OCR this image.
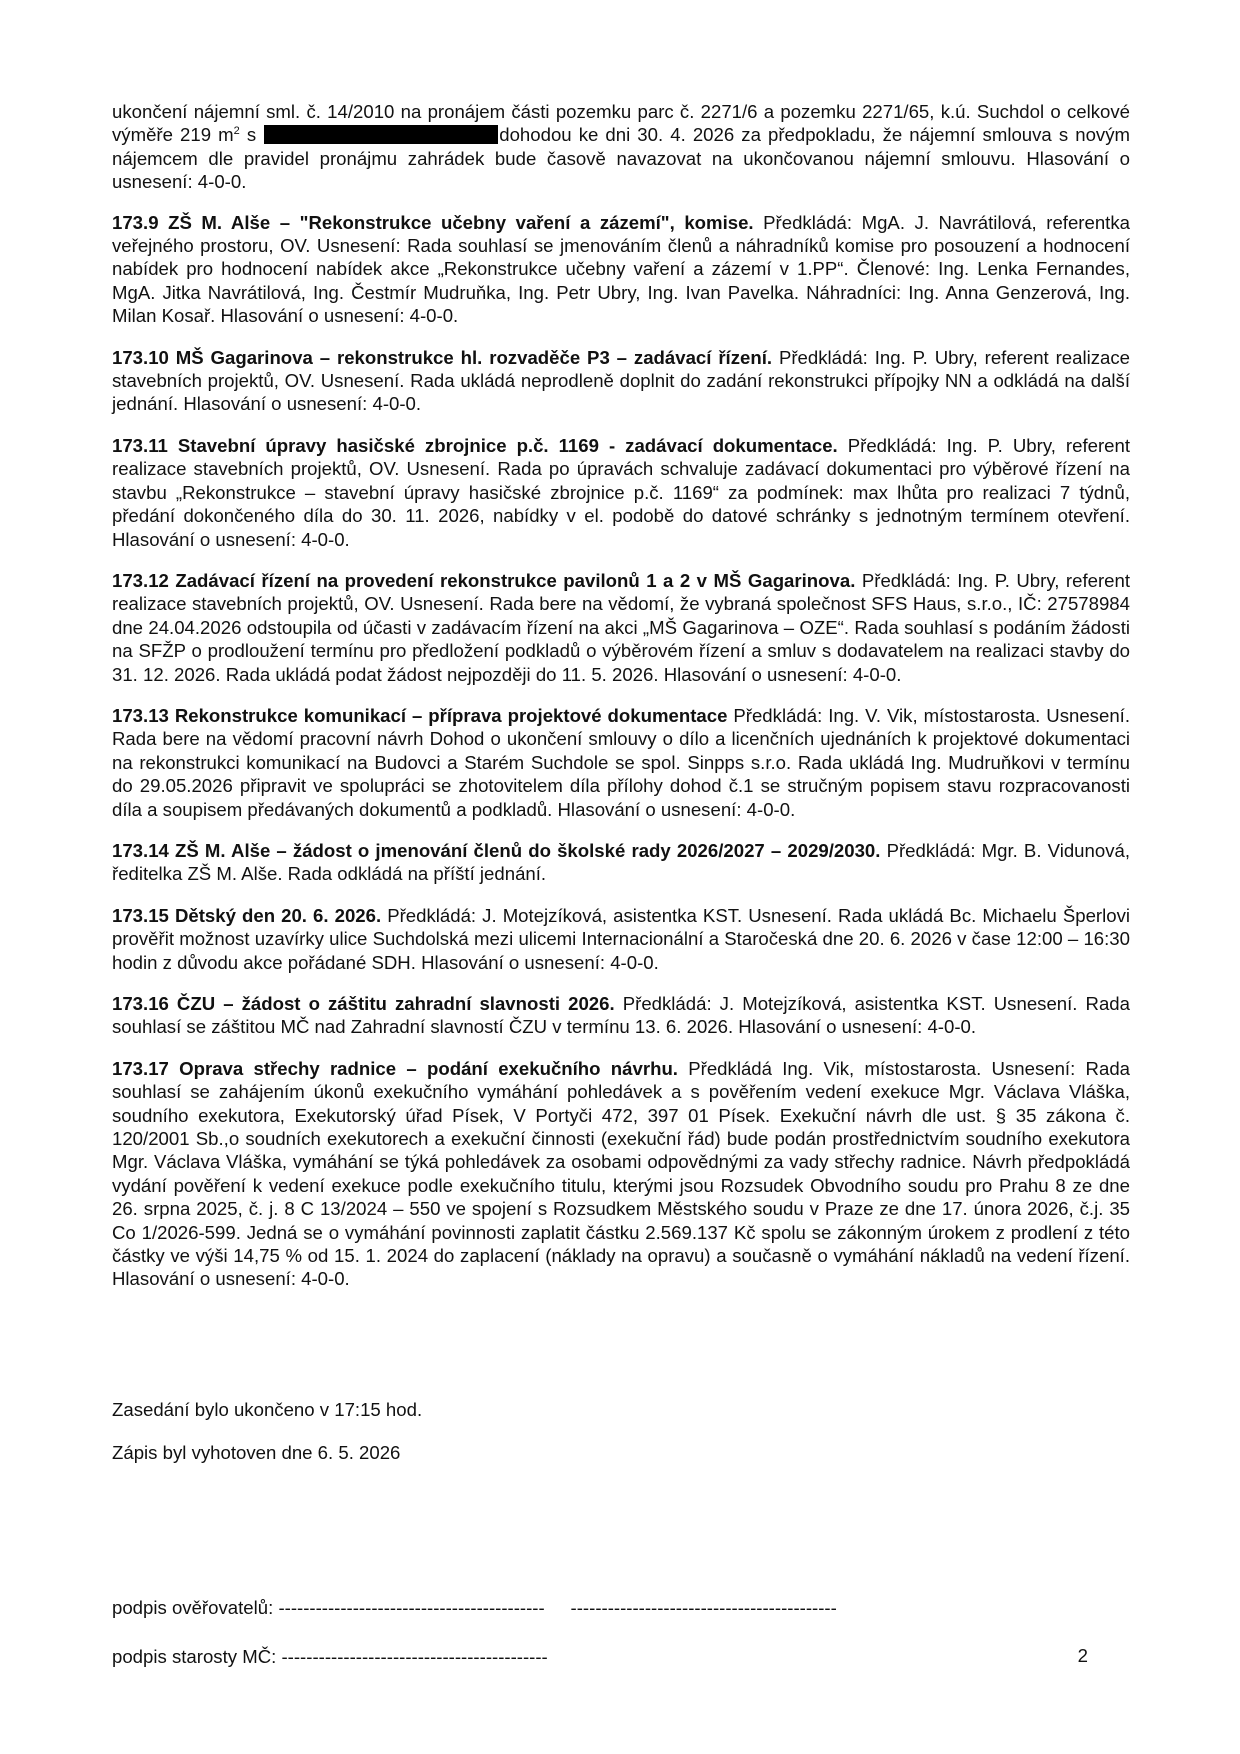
ukončení nájemní sml. č. 14/2010 na pronájem části pozemku parc č. 2271/6 a pozemku 2271/65, k.ú. Suchdol o celkové výměře 219 $m^2$ s	dohodou ke dni 30. 4. 2026 za předpokladu, že nájemní smlouva s novým nájemcem dle pravidel pronájmu zahrádek bude časově navazovat na ukončovanou nájemní smlouvu. Hlasování o usnesení: 4-0-0.

173.9 ZŠ M. Alše – "Rekonstrukce učebny vaření a zázemí", komise. Předkládá: MgA. J. Navrátilová, referentka veřejného prostoru, OV. Usnesení: Rada souhlasí se jmenováním členů a náhradníků komise pro posouzení a hodnocení nabídek pro hodnocení nabídek akce „Rekonstrukce učebny vaření a zázemí v 1.PP“. Členové: Ing. Lenka Fernandes, MgA. Jitka Navrátilová, Ing. Čestmír Mudruňka, Ing. Petr Ubry, Ing. Ivan Pavelka. Náhradníci: Ing. Anna Genzerová, Ing. Milan Kosař. Hlasování o usnesení: 4-0-0.

173.10 MŠ Gagarinova – rekonstrukce hl. rozvaděče P3 – zadávací řízení. Předkládá: Ing. P. Ubry, referent realizace stavebních projektů, OV. Usnesení. Rada ukládá neprodleně doplnit do zadání rekonstrukci přípojky NN a odkládá na další jednání. Hlasování o usnesení: 4-0-0.

173.11 Stavební úpravy hasičské zbrojnice p.č. 1169 - zadávací dokumentace. Předkládá: Ing. P. Ubry, referent realizace stavebních projektů, OV. Usnesení. Rada po úpravách schvaluje zadávací dokumentaci pro výběrové řízení na stavbu „Rekonstrukce – stavební úpravy hasičské zbrojnice p.č. 1169“ za podmínek: max lhůta pro realizaci 7 týdnů, předání dokončeného díla do 30. 11. 2026, nabídky v el. podobě do datové schránky s jednotným termínem otevření. Hlasování o usnesení: 4-0-0.

173.12 Zadávací řízení na provedení rekonstrukce pavilonů 1 a 2 v MŠ Gagarinova. Předkládá: Ing. P. Ubry, referent realizace stavebních projektů, OV. Usnesení. Rada bere na vědomí, že vybraná společnost SFS Haus, s.r.o., IČ: 27578984 dne 24.04.2026 odstoupila od účasti v zadávacím řízení na akci „MŠ Gagarinova – OZE“. Rada souhlasí s podáním žádosti na SFŽP o prodloužení termínu pro předložení podkladů o výběrovém řízení a smluv s dodavatelem na realizaci stavby do 31. 12. 2026. Rada ukládá podat žádost nejpozději do 11. 5. 2026. Hlasování o usnesení: 4-0-0.

173.13 Rekonstrukce komunikací – příprava projektové dokumentace Předkládá: Ing. V. Vik, místostarosta. Usnesení. Rada bere na vědomí pracovní návrh Dohod o ukončení smlouvy o dílo a licenčních ujednáních k projektové dokumentaci na rekonstrukci komunikací na Budovci a Starém Suchdole se spol. Sinpps s.r.o. Rada ukládá Ing. Mudruňkovi v termínu do 29.05.2026 připravit ve spolupráci se zhotovitelem díla přílohy dohod č.1 se stručným popisem stavu rozpracovanosti díla a soupisem předávaných dokumentů a podkladů. Hlasování o usnesení: 4-0-0.

173.14 ZŠ M. Alše – žádost o jmenování členů do školské rady 2026/2027 – 2029/2030. Předkládá: Mgr. B. Vidunová, ředitelka ZŠ M. Alše. Rada odkládá na příští jednání.

173.15 Dětský den 20. 6. 2026. Předkládá: J. Motejzíková, asistentka KST. Usnesení. Rada ukládá Bc. Michaelu Šperlovi prověřit možnost uzavírky ulice Suchdolská mezi ulicemi Internacionální a Staročeská dne 20. 6. 2026 v čase 12:00 – 16:30 hodin z důvodu akce pořádané SDH. Hlasování o usnesení: 4-0-0.

173.16 ČZU – žádost o záštitu zahradní slavnosti 2026. Předkládá: J. Motejzíková, asistentka KST. Usnesení. Rada souhlasí se záštitou MČ nad Zahradní slavností ČZU v termínu 13. 6. 2026. Hlasování o usnesení: 4-0-0.

173.17 Oprava střechy radnice – podání exekučního návrhu. Předkládá Ing. Vik, místostarosta. Usnesení: Rada souhlasí se zahájením úkonů exekučního vymáhání pohledávek a s pověřením vedení exekuce Mgr. Václava Vláška, soudního exekutora, Exekutorský úřad Písek, V Portyči 472, 397 01 Písek. Exekuční návrh dle ust. § 35 zákona č. 120/2001 Sb.,o soudních exekutorech a exekuční činnosti (exekuční řád) bude podán prostřednictvím soudního exekutora Mgr. Václava Vláška, vymáhání se týká pohledávek za osobami odpovědnými za vady střechy radnice. Návrh předpokládá vydání pověření k vedení exekuce podle exekučního titulu, kterými jsou Rozsudek Obvodního soudu pro Prahu 8 ze dne 26. srpna 2025, č. j. 8 C 13/2024 – 550 ve spojení s Rozsudkem Městského soudu v Praze ze dne 17. února 2026, č.j. 35 Co 1/2026-599. Jedná se o vymáhání povinnosti zaplatit částku 2.569.137 Kč spolu se zákonným úrokem z prodlení z této částky ve výši 14,75 % od 15. 1. 2024 do zaplacení (náklady na opravu) a současně o vymáhání nákladů na vedení řízení. Hlasování o usnesení: 4-0-0.

Zasedání bylo ukončeno v 17:15 hod.
Zápis byl vyhotoven dne 6. 5. 2026
podpis ověřovatelů: ------------------------------------------- -------------------------------------------
podpis starosty MČ: -------------------------------------------	2
